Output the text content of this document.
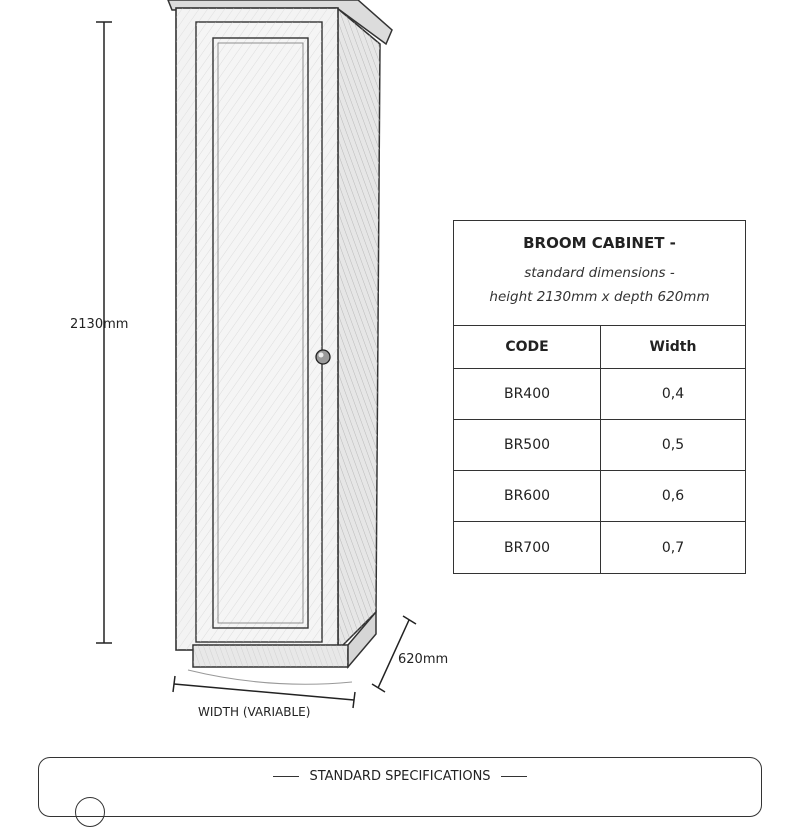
2130mm
620mm
WIDTH (VARIABLE)
BROOM CABINET -
standard dimensions -
height 2130mm x depth 620mm
CODE	Width
BR400	0,4
BR500	0,5
BR600	0,6
BR700	0,7
STANDARD SPECIFICATIONS
